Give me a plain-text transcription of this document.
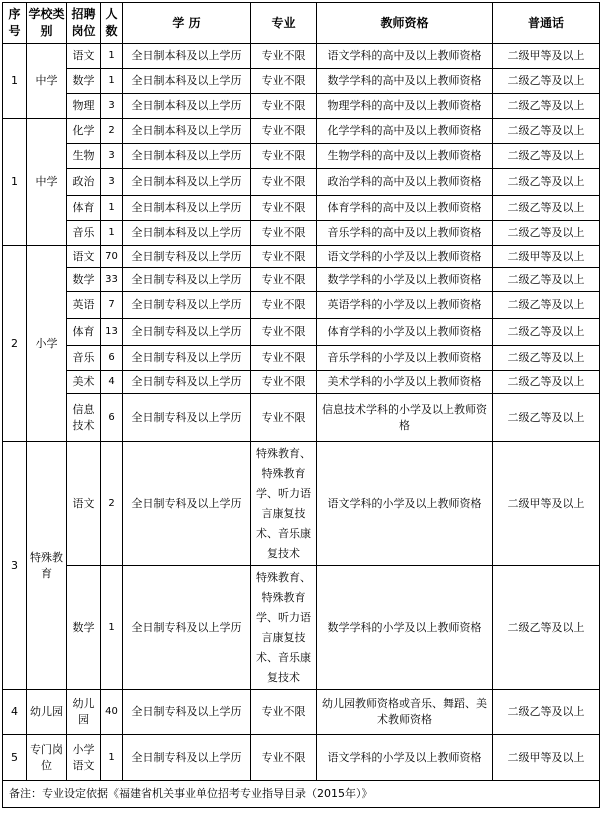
序号	学校类别	招聘岗位	人数	学 历	专业	教师资格	普通话
1	中学	语文	1	全日制本科及以上学历	专业不限	语文学科的高中及以上教师资格	二级甲等及以上
		数学	1	全日制本科及以上学历	专业不限	数学学科的高中及以上教师资格	二级乙等及以上
		物理	3	全日制本科及以上学历	专业不限	物理学科的高中及以上教师资格	二级乙等及以上
1	中学	化学	2	全日制本科及以上学历	专业不限	化学学科的高中及以上教师资格	二级乙等及以上
		生物	3	全日制本科及以上学历	专业不限	生物学科的高中及以上教师资格	二级乙等及以上
		政治	3	全日制本科及以上学历	专业不限	政治学科的高中及以上教师资格	二级乙等及以上
		体育	1	全日制本科及以上学历	专业不限	体育学科的高中及以上教师资格	二级乙等及以上
		音乐	1	全日制本科及以上学历	专业不限	音乐学科的高中及以上教师资格	二级乙等及以上
2	小学	语文	70	全日制专科及以上学历	专业不限	语文学科的小学及以上教师资格	二级甲等及以上
		数学	33	全日制专科及以上学历	专业不限	数学学科的小学及以上教师资格	二级乙等及以上
		英语	7	全日制专科及以上学历	专业不限	英语学科的小学及以上教师资格	二级乙等及以上
		体育	13	全日制专科及以上学历	专业不限	体育学科的小学及以上教师资格	二级乙等及以上
		音乐	6	全日制专科及以上学历	专业不限	音乐学科的小学及以上教师资格	二级乙等及以上
		美术	4	全日制专科及以上学历	专业不限	美术学科的小学及以上教师资格	二级乙等及以上
		信息技术	6	全日制专科及以上学历	专业不限	信息技术学科的小学及以上教师资格	二级乙等及以上
3	特殊教育	语文	2	全日制专科及以上学历	特殊教育、特殊教育学、听力语言康复技术、音乐康复技术	语文学科的小学及以上教师资格	二级甲等及以上
		数学	1	全日制专科及以上学历	特殊教育、特殊教育学、听力语言康复技术、音乐康复技术	数学学科的小学及以上教师资格	二级乙等及以上
4	幼儿园	幼儿园	40	全日制专科及以上学历	专业不限	幼儿园教师资格或音乐、舞蹈、美术教师资格	二级乙等及以上
5	专门岗位	小学语文	1	全日制专科及以上学历	专业不限	语文学科的小学及以上教师资格	二级甲等及以上
备注：专业设定依据《福建省机关事业单位招考专业指导目录（2015年）》							
